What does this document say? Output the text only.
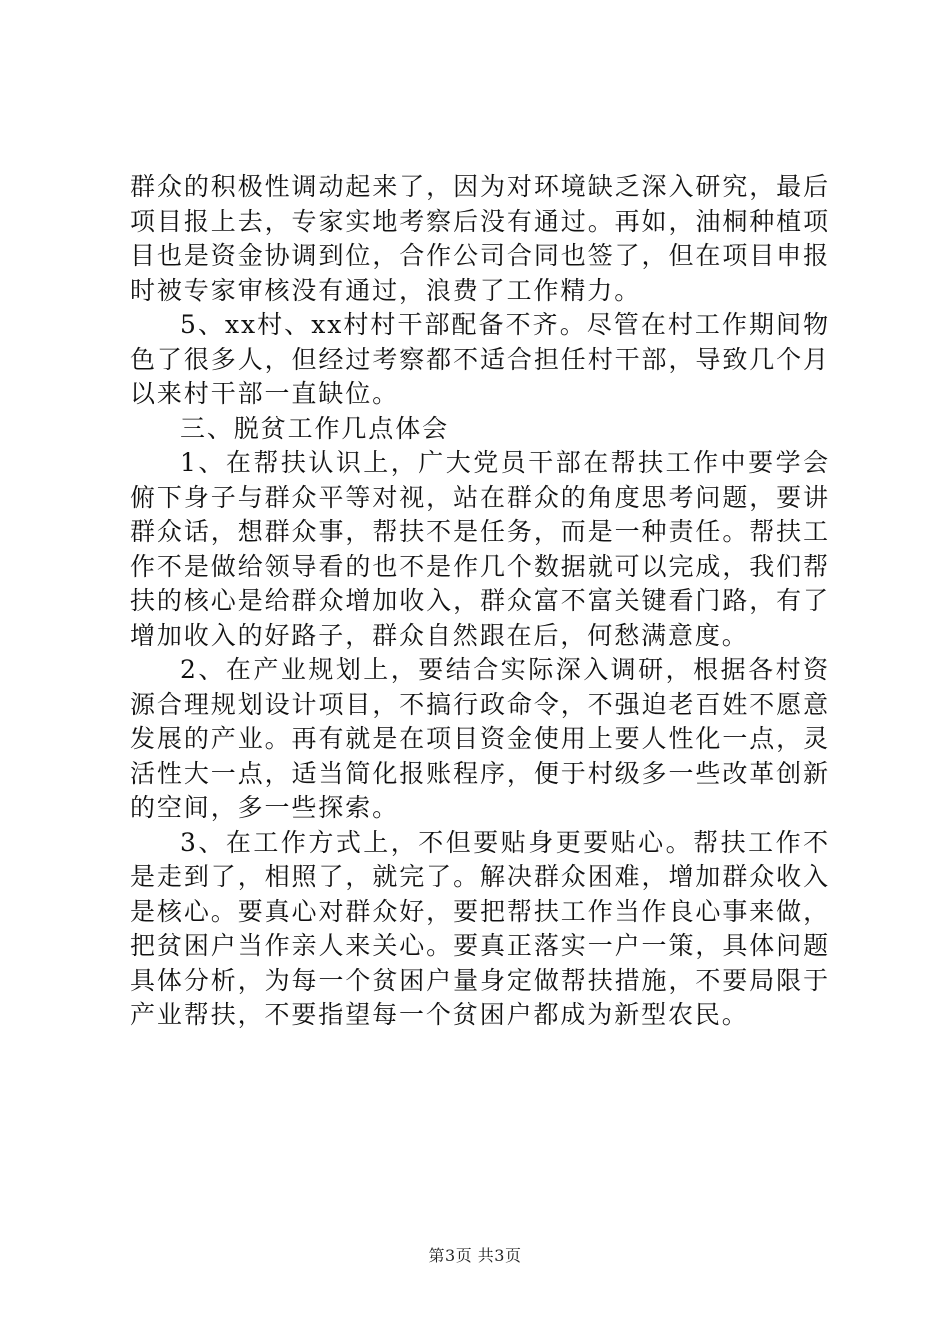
群众的积极性调动起来了，因为对环境缺乏深入研究，最后项目报上去，专家实地考察后没有通过。再如，油桐种植项目也是资金协调到位，合作公司合同也签了，但在项目申报时被专家审核没有通过，浪费了工作精力。

5、xx村、xx村村干部配备不齐。尽管在村工作期间物色了很多人，但经过考察都不适合担任村干部，导致几个月以来村干部一直缺位。

三、脱贫工作几点体会

1、在帮扶认识上，广大党员干部在帮扶工作中要学会俯下身子与群众平等对视，站在群众的角度思考问题，要讲群众话，想群众事，帮扶不是任务，而是一种责任。帮扶工作不是做给领导看的也不是作几个数据就可以完成，我们帮扶的核心是给群众增加收入，群众富不富关键看门路，有了增加收入的好路子，群众自然跟在后，何愁满意度。

2、在产业规划上，要结合实际深入调研，根据各村资源合理规划设计项目，不搞行政命令，不强迫老百姓不愿意发展的产业。再有就是在项目资金使用上要人性化一点，灵活性大一点，适当简化报账程序，便于村级多一些改革创新的空间，多一些探索。

3、在工作方式上，不但要贴身更要贴心。帮扶工作不是走到了，相照了，就完了。解决群众困难，增加群众收入是核心。要真心对群众好，要把帮扶工作当作良心事来做，把贫困户当作亲人来关心。要真正落实一户一策，具体问题具体分析，为每一个贫困户量身定做帮扶措施，不要局限于产业帮扶，不要指望每一个贫困户都成为新型农民。

第3页 共3页
